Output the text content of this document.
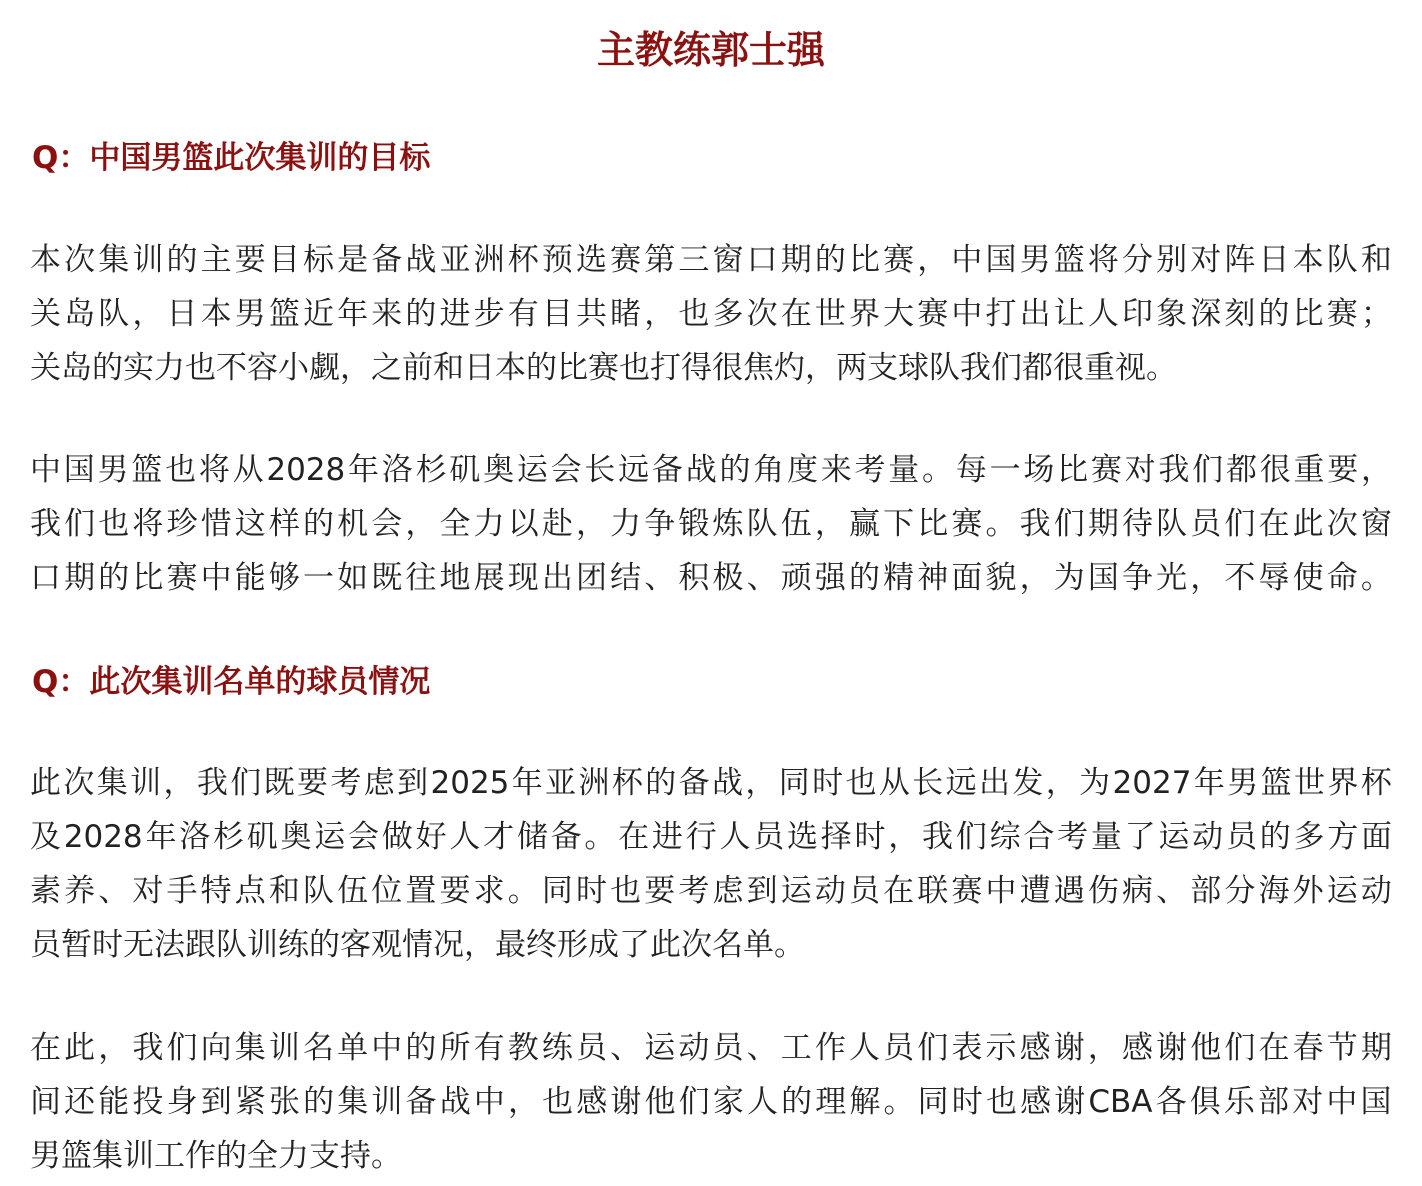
主教练郭士强
Q：中国男篮此次集训的目标
本 次 集 训 的 主 要 目 标 是 备 战 亚 洲 杯 预 选 赛 第 三 窗 口 期 的 比 赛 ， 中 国 男 篮 将 分 别 对 阵 日 本 队 和
关 岛 队 ， 日 本 男 篮 近 年 来 的 进 步 有 目 共 睹 ， 也 多 次 在 世 界 大 赛 中 打 出 让 人 印 象 深 刻 的 比 赛 ；
关岛的实力也不容小觑，之前和日本的比赛也打得很焦灼，两支球队我们都很重视。
中 国 男 篮 也 将 从 2028 年 洛 杉 矶 奥 运 会 长 远 备 战 的 角 度 来 考 量 。 每 一 场 比 赛 对 我 们 都 很 重 要 ，
我 们 也 将 珍 惜 这 样 的 机 会 ， 全 力 以 赴 ， 力 争 锻 炼 队 伍 ， 赢 下 比 赛 。 我 们 期 待 队 员 们 在 此 次 窗
口 期 的 比 赛 中 能 够 一 如 既 往 地 展 现 出 团 结 、 积 极 、 顽 强 的 精 神 面 貌 ， 为 国 争 光 ， 不 辱 使 命 。
Q：此次集训名单的球员情况
此 次 集 训 ， 我 们 既 要 考 虑 到 2025 年 亚 洲 杯 的 备 战 ， 同 时 也 从 长 远 出 发 ， 为 2027 年 男 篮 世 界 杯
及 2028 年 洛 杉 矶 奥 运 会 做 好 人 才 储 备 。 在 进 行 人 员 选 择 时 ， 我 们 综 合 考 量 了 运 动 员 的 多 方 面
素 养 、 对 手 特 点 和 队 伍 位 置 要 求 。 同 时 也 要 考 虑 到 运 动 员 在 联 赛 中 遭 遇 伤 病 、 部 分 海 外 运 动
员暂时无法跟队训练的客观情况，最终形成了此次名单。
在 此 ， 我 们 向 集 训 名 单 中 的 所 有 教 练 员 、 运 动 员 、 工 作 人 员 们 表 示 感 谢 ， 感 谢 他 们 在 春 节 期
间 还 能 投 身 到 紧 张 的 集 训 备 战 中 ， 也 感 谢 他 们 家 人 的 理 解 。 同 时 也 感 谢 CBA 各 俱 乐 部 对 中 国
男篮集训工作的全力支持。
